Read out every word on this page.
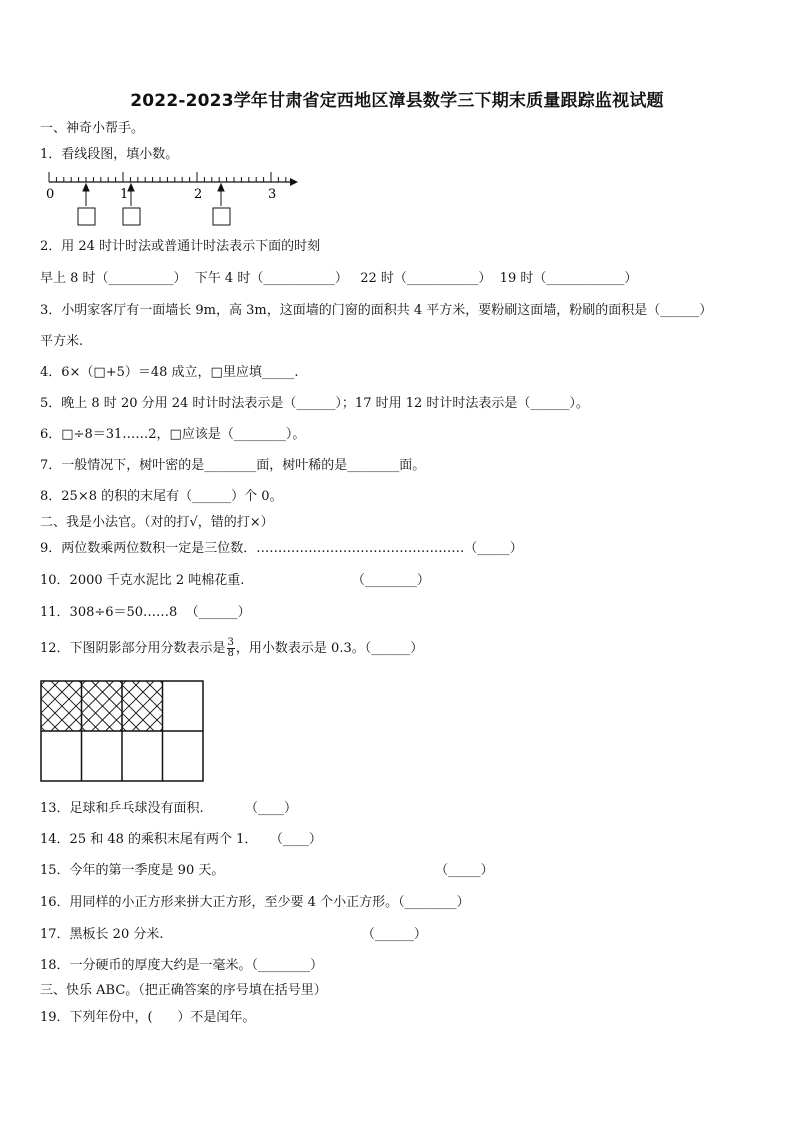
2022-2023学年甘肃省定西地区漳县数学三下期末质量跟踪监视试题
一、神奇小帮手。
1．看线段图，填小数。
0	1	2	3
2．用 24 时计时法或普通计时法表示下面的时刻
早上 8 时（__________）  下午 4 时（___________）   22 时（___________）  19 时（____________）
3．小明家客厅有一面墙长 9m，高 3m，这面墙的门窗的面积共 4 平方米，要粉刷这面墙，粉刷的面积是（______）
平方米.
4．6×（□+5）＝48 成立，□里应填_____.
5．晚上 8 时 20 分用 24 时计时法表示是（______）；17 时用 12 时计时法表示是（______）。
6．□÷8＝31……2，□应该是（________）。
7．一般情况下，树叶密的是________面，树叶稀的是________面。
8．25×8 的积的末尾有（______）个 0。
二、我是小法官。（对的打√，错的打×）
9．两位数乘两位数积一定是三位数．…………………………………………（_____）
10．2000 千克水泥比 2 吨棉花重.                          （________）
11．308÷6＝50……8  （______）
12．下图阴影部分用分数表示是 $\frac{3}{8}$ ，用小数表示是 0.3。（______）
13．足球和乒乓球没有面积.          （____）
14．25 和 48 的乘积末尾有两个 1．   （____）
15．今年的第一季度是 90 天。                                                   （_____）
16．用同样的小正方形来拼大正方形，至少要 4 个小正方形。（________）
17．黑板长 20 分米.                                                （______）
18．一分硬币的厚度大约是一毫米。（________）
三、快乐 ABC。（把正确答案的序号填在括号里）
19．下列年份中，(      ）不是闰年。
